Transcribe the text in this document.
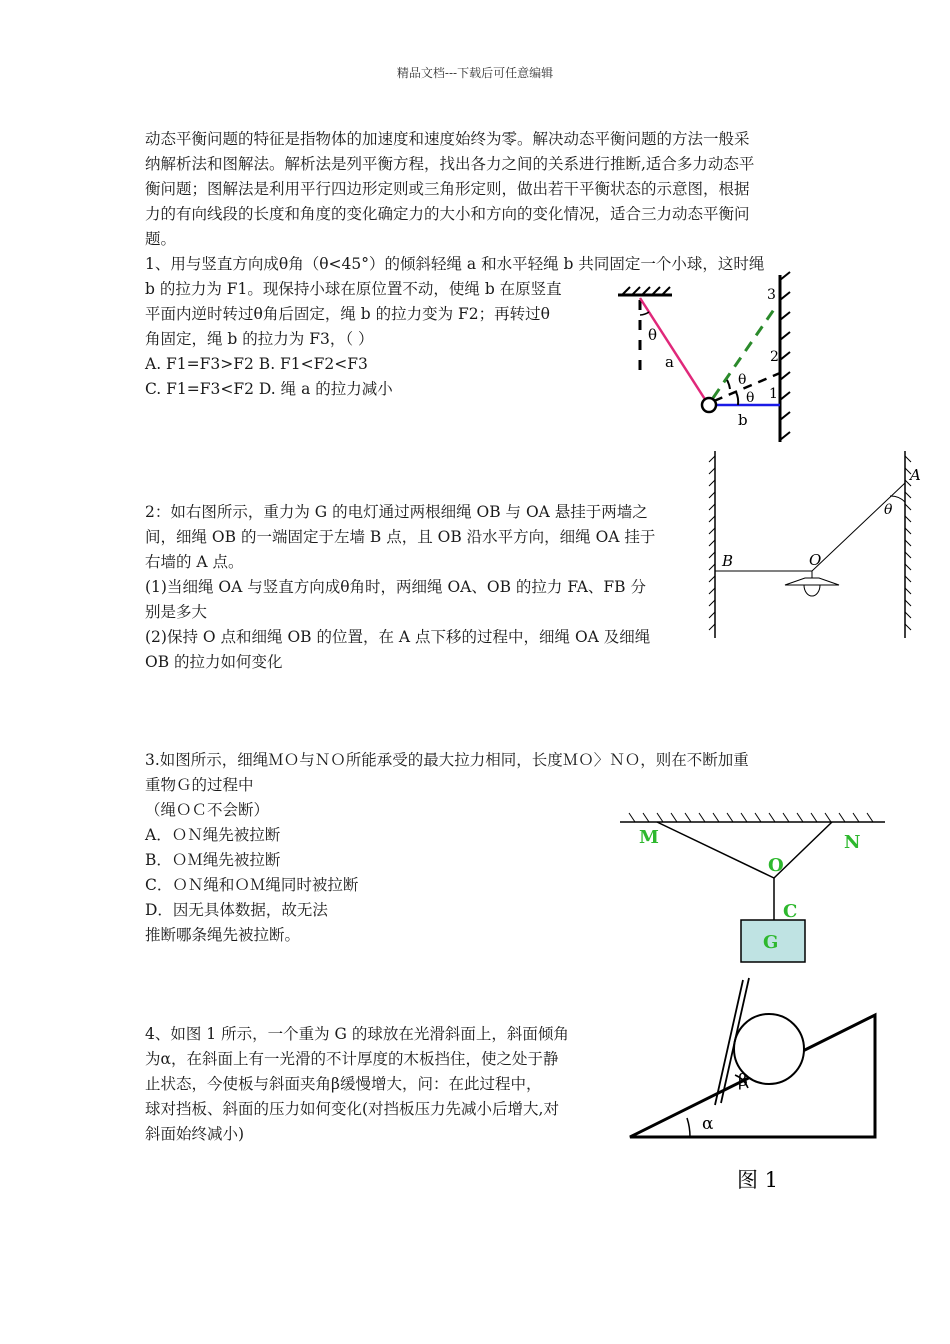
精品文档---下载后可任意编辑
动态平衡问题的特征是指物体的加速度和速度始终为零。解决动态平衡问题的方法一般采
纳解析法和图解法。解析法是列平衡方程，找出各力之间的关系进行推断,适合多力动态平
衡问题；图解法是利用平行四边形定则或三角形定则，做出若干平衡状态的示意图，根据
力的有向线段的长度和角度的变化确定力的大小和方向的变化情况，适合三力动态平衡问
题。
1、用与竖直方向成θ角（θ<45°）的倾斜轻绳 a 和水平轻绳 b 共同固定一个小球，这时绳
b 的拉力为 F1。现保持小球在原位置不动，使绳 b 在原竖直
平面内逆时转过θ角后固定，绳 b 的拉力变为 F2；再转过θ
角固定，绳 b 的拉力为 F3，（ ）
A. F1=F3>F2 B. F1<F2<F3
C. F1=F3<F2 D. 绳 a 的拉力减小
θ
a
θ
θ
b
1
2
3
2：如右图所示，重力为 G 的电灯通过两根细绳 OB 与 OA 悬挂于两墙之
间，细绳 OB 的一端固定于左墙 B 点，且 OB 沿水平方向，细绳 OA 挂于
右墙的 A 点。
(1)当细绳 OA 与竖直方向成θ角时，两细绳 OA、OB 的拉力 FA、FB 分
别是多大
(2)保持 O 点和细绳 OB 的位置，在 A 点下移的过程中，细绳 OA 及细绳
OB 的拉力如何变化
θ
A
B	O
3.如图所示，细绳ＭＯ与ＮＯ所能承受的最大拉力相同，长度ＭＯ〉ＮＯ，则在不断加重
重物Ｇ的过程中
（绳ＯＣ不会断）
A．ＯＮ绳先被拉断
B．ＯＭ绳先被拉断
C．ＯＮ绳和ＯＭ绳同时被拉断
D．因无具体数据，故无法
推断哪条绳先被拉断。
M	N
O
C
G
4、如图 1 所示，一个重为 G 的球放在光滑斜面上，斜面倾角
为α，在斜面上有一光滑的不计厚度的木板挡住，使之处于静
止状态，今使板与斜面夹角β缓慢增大，问：在此过程中，
球对挡板、斜面的压力如何变化(对挡板压力先减小后增大,对
斜面始终减小)	α
β
图 1
